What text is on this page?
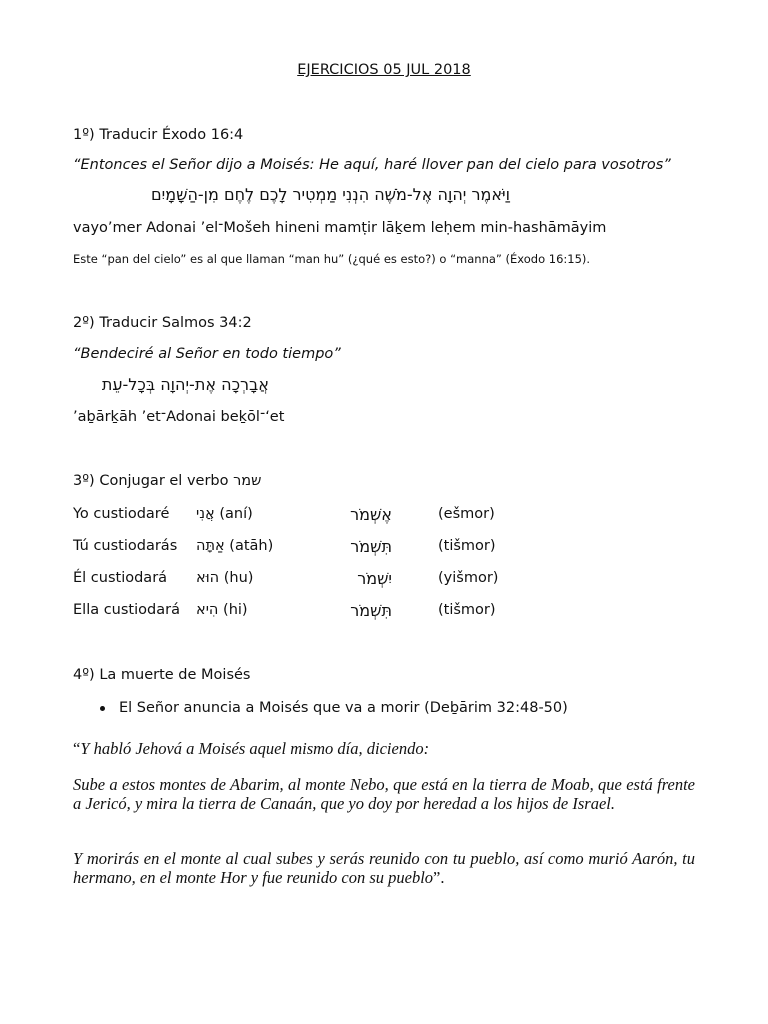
EJERCICIOS 05 JUL 2018
1º) Traducir Éxodo 16:4
“Entonces el Señor dijo a Moisés: He aquí, haré llover pan del cielo para vosotros”
וַיֹּאמֶר יְהוָה אֶל-מֹשֶׁה הִנְנִי מַמְטִיר לָכֶם לֶחֶם מִן-הַשָּׁמָיִם
vayo’mer Adonai ’el־Mošeh hineni mamṭir lāḵem leḥem min-hashāmāyim
Este “pan del cielo” es al que llaman “man hu” (¿qué es esto?) o “manna” (Éxodo 16:15).
2º) Traducir Salmos 34:2
“Bendeciré al Señor en todo tiempo”
אֲבָרְכָה אֶת-יְהוָה בְּכָל-עֵת
’aḇārḵāh ’et־Adonai beḵōl־‘et
3º) Conjugar el verbo שמר
Yo custiodaré אֲנִי (aní)	אֶשְׁמֹר	(ešmor)
Tú custiodarás אַתָּה (atāh)	תִּשְׁמֹר	(tišmor)
Él custiodará הוּא (hu)	יִשְׁמֹר	(yišmor)
Ella custiodará הִיא (hi)	תִּשְׁמֹר	(tišmor)
4º) La muerte de Moisés
El Señor anuncia a Moisés que va a morir (Deḇārim 32:48-50)
“Y habló Jehová a Moisés aquel mismo día, diciendo:
Sube a estos montes de Abarim, al monte Nebo, que está en la tierra de Moab, que está frente a Jericó, y mira la tierra de Canaán, que yo doy por heredad a los hijos de Israel.
Y morirás en el monte al cual subes y serás reunido con tu pueblo, así como murió Aarón, tu hermano, en el monte Hor y fue reunido con su pueblo”.
